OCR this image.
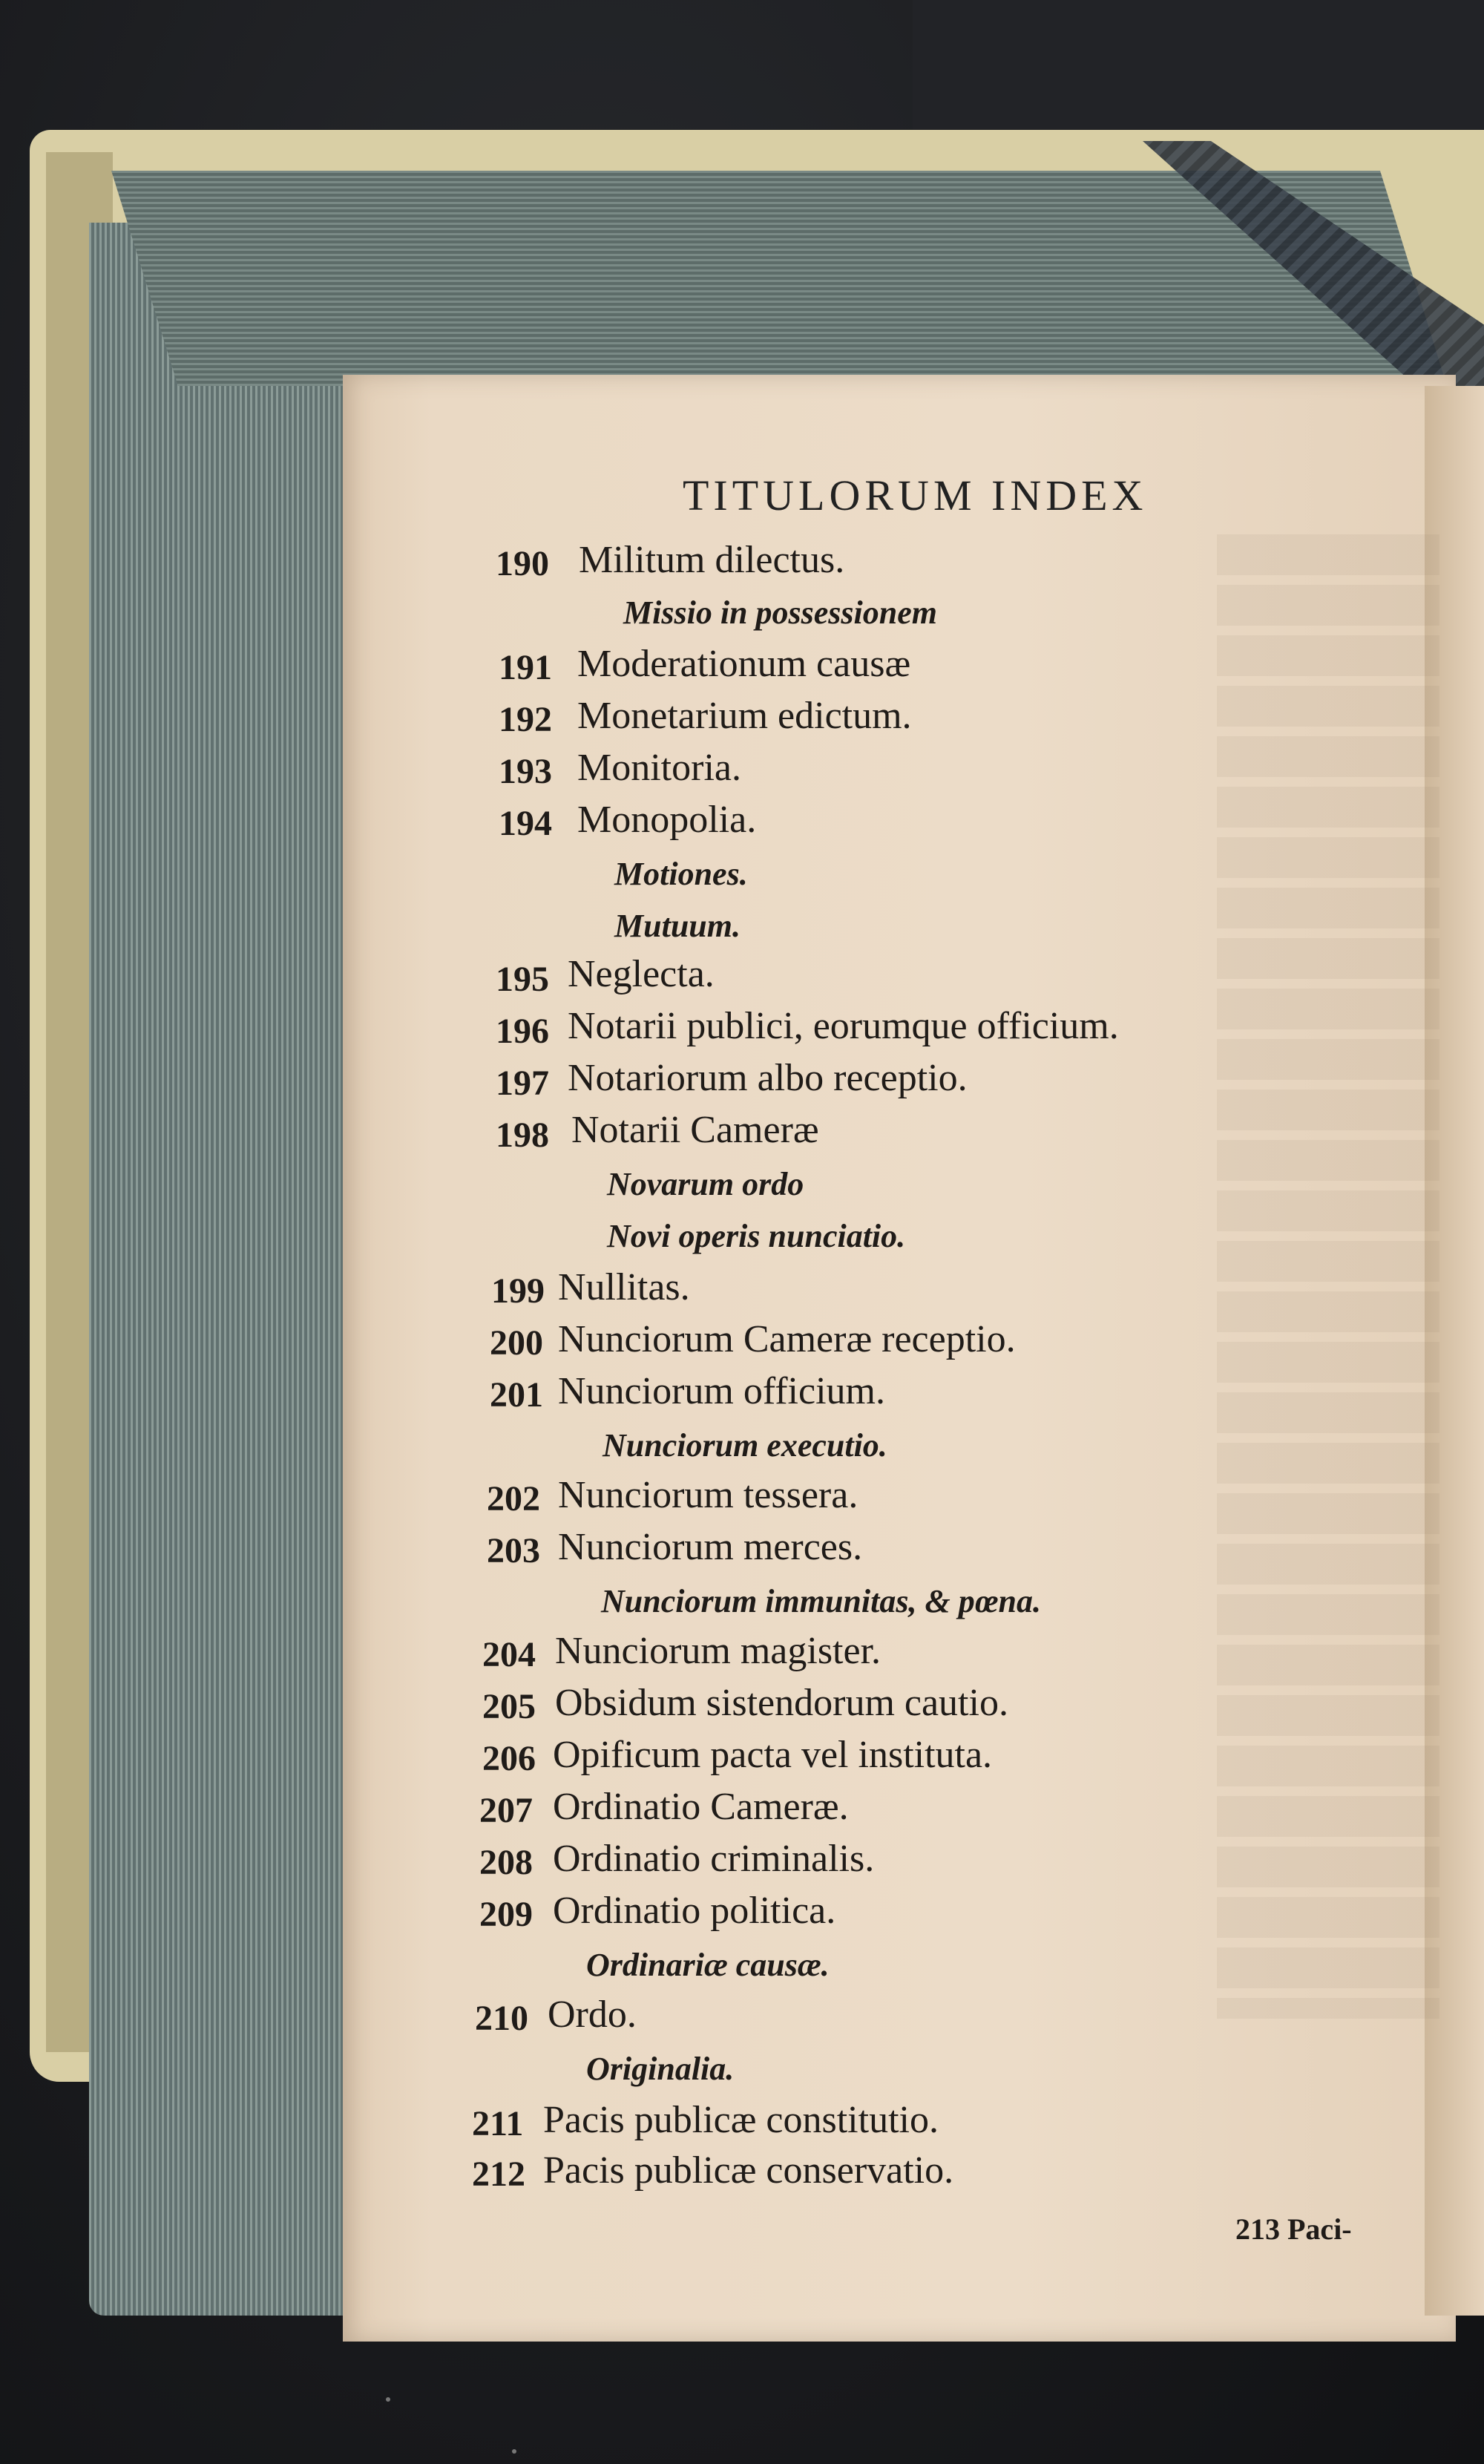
TITULORUM INDEX
190 Militum dilectus.
Missio in possessionem
191 Moderationum causæ
192 Monetarium edictum.
193 Monitoria.
194 Monopolia.
Motiones.
Mutuum.
195 Neglecta.
196 Notarii publici, eorumque officium.
197 Notariorum albo receptio.
198 Notarii Cameræ
Novarum ordo
Novi operis nunciatio.
199 Nullitas.
200 Nunciorum Cameræ receptio.
201 Nunciorum officium.
Nunciorum executio.
202 Nunciorum tessera.
203 Nunciorum merces.
Nunciorum immunitas, & pœna.
204 Nunciorum magister.
205 Obsidum sistendorum cautio.
206 Opificum pacta vel instituta.
207 Ordinatio Cameræ.
208 Ordinatio criminalis.
209 Ordinatio politica.
Ordinariæ causæ.
210 Ordo.
Originalia.
211 Pacis publicæ constitutio.
212 Pacis publicæ conservatio.
213 Paci-
